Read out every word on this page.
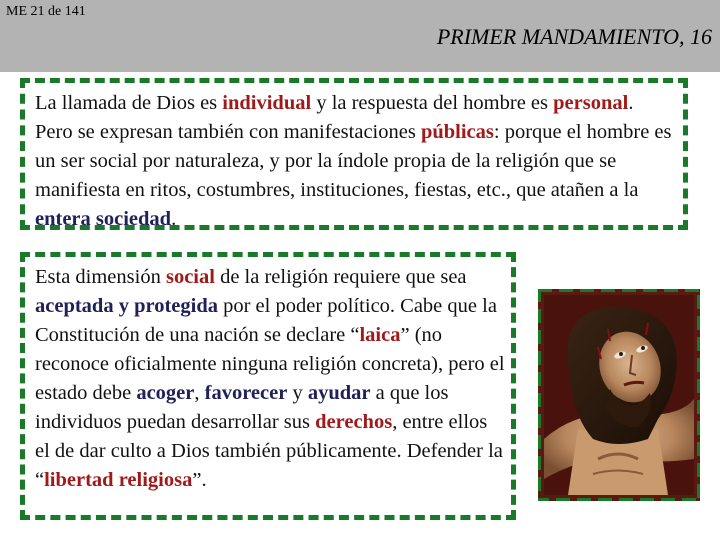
ME 21 de 141
PRIMER MANDAMIENTO, 16

La llamada de Dios es individual y la respuesta del hombre es personal. Pero se expresan también con manifestaciones públicas: porque el hombre es un ser social por naturaleza, y por la índole propia de la religión que se manifiesta en ritos, costumbres, instituciones, fiestas, etc., que atañen a la entera sociedad.

Esta dimensión social de la religión requiere que sea aceptada y protegida por el poder político. Cabe que la Constitución de una nación se declare “laica” (no reconoce oficialmente ninguna religión concreta), pero el estado debe acoger, favorecer y ayudar a que los individuos puedan desarrollar sus derechos, entre ellos el de dar culto a Dios también públicamente. Defender la “libertad religiosa”.
